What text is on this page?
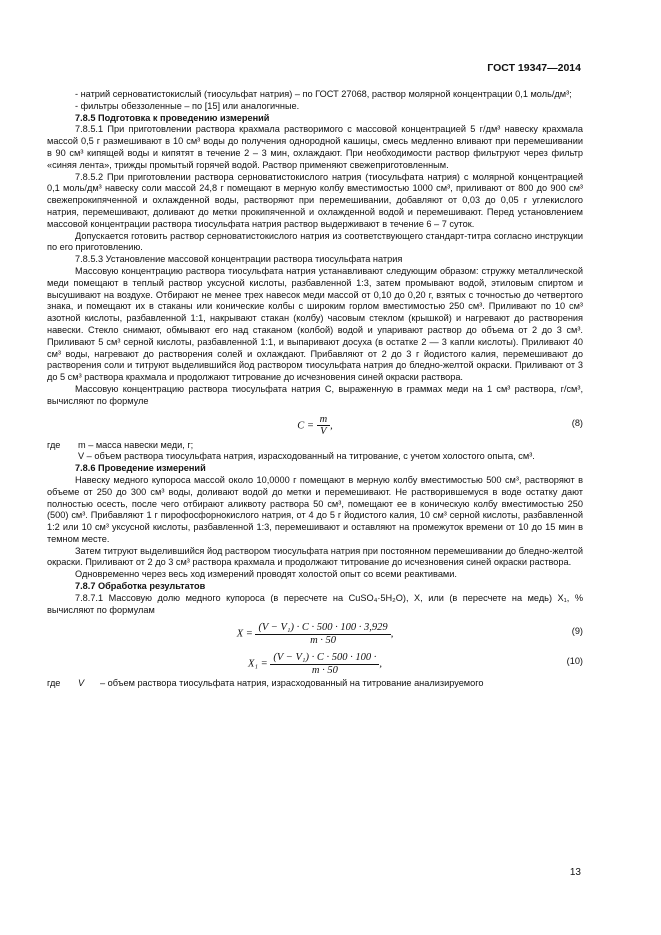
ГОСТ 19347—2014

- натрий серноватистокислый (тиосульфат натрия) – по ГОСТ 27068, раствор молярной концентрации 0,1 моль/дм³;

- фильтры обеззоленные – по [15] или аналогичные.

7.8.5 Подготовка к проведению измерений

7.8.5.1 При приготовлении раствора крахмала растворимого с массовой концентрацией 5 г/дм³ навеску крахмала массой 0,5 г размешивают в 10 см³ воды до получения однородной кашицы, смесь медленно вливают при перемешивании в 90 см³ кипящей воды и кипятят в течение 2 – 3 мин, охлаждают. При необходимости раствор фильтруют через фильтр «синяя лента», трижды промытый горячей водой. Раствор применяют свежеприготовленным.

7.8.5.2 При приготовлении раствора серноватистокислого натрия (тиосульфата натрия) с молярной концентрацией 0,1 моль/дм³ навеску соли массой 24,8 г помещают в мерную колбу вместимостью 1000 см³, приливают от 800 до 900 см³ свежепрокипяченной и охлажденной воды, растворяют при перемешивании, добавляют от 0,03 до 0,05 г углекислого натрия, перемешивают, доливают до метки прокипяченной и охлажденной водой и перемешивают. Перед установлением массовой концентрации раствора тиосульфата натрия раствор выдерживают в течение 6 – 7 суток.

Допускается готовить раствор серноватистокислого натрия из соответствующего стандарт-титра согласно инструкции по его приготовлению.

7.8.5.3 Установление массовой концентрации раствора тиосульфата натрия

Массовую концентрацию раствора тиосульфата натрия устанавливают следующим образом: стружку металлической меди помещают в теплый раствор уксусной кислоты, разбавленной 1:3, затем промывают водой, этиловым спиртом и высушивают на воздухе. Отбирают не менее трех навесок меди массой от 0,10 до 0,20 г, взятых с точностью до четвертого знака, и помещают их в стаканы или конические колбы с широким горлом вместимостью 250 см³. Приливают по 10 см³ азотной кислоты, разбавленной 1:1, накрывают стакан (колбу) часовым стеклом (крышкой) и нагревают до растворения навески. Стекло снимают, обмывают его над стаканом (колбой) водой и упаривают раствор до объема от 2 до 3 см³. Приливают 5 см³ серной кислоты, разбавленной 1:1, и выпаривают досуха (в остатке 2 — 3 капли кислоты). Приливают 40 см³ воды, нагревают до растворения солей и охлаждают. Прибавляют от 2 до 3 г йодистого калия, перемешивают до растворения соли и титруют выделившийся йод раствором тиосульфата натрия до бледно-желтой окраски. Приливают от 3 до 5 см³ раствора крахмала и продолжают титрование до исчезновения синей окраски раствора.

Массовую концентрацию раствора тиосульфата натрия C, выраженную в граммах меди на 1 см³ раствора, г/см³, вычисляют по формуле

$C = \frac{m}{V}$ ,	(8)
где	m – масса навески меди, г;
V – объем раствора тиосульфата натрия, израсходованный на титрование, с учетом холостого опыта, см³.

7.8.6 Проведение измерений

Навеску медного купороса массой около 10,0000 г помещают в мерную колбу вместимостью 500 см³, растворяют в объеме от 250 до 300 см³ воды, доливают водой до метки и перемешивают. Не растворившемуся в воде остатку дают полностью осесть, после чего отбирают аликвоту раствора 50 см³, помещают ее в коническую колбу вместимостью 250 (500) см³. Прибавляют 1 г пирофосфорнокислого натрия, от 4 до 5 г йодистого калия, 10 см³ серной кислоты, разбавленной 1:2 или 10 см³ уксусной кислоты, разбавленной 1:3, перемешивают и оставляют на промежуток времени от 10 до 15 мин в темном месте.

Затем титруют выделившийся йод раствором тиосульфата натрия при постоянном перемешивании до бледно-желтой окраски. Приливают от 2 до 3 см³ раствора крахмала и продолжают титрование до исчезновения синей окраски раствора.

Одновременно через весь ход измерений проводят холостой опыт со всеми реактивами.

7.8.7 Обработка результатов

7.8.7.1 Массовую долю медного купороса (в пересчете на CuSO₄·5H₂O), X, или (в пересчете на медь) X₁, % вычисляют по формулам

$X = \frac{\text{(V − V₁) · C · 500 · 100 · 3,929}}{m \cdot 50}$ ,	(9)
$X_1 = \frac{\text{(V − V₁) · C · 500 · 100 ·}}{m \cdot 50}$ ,	(10)
где	V	– объем раствора тиосульфата натрия, израсходованный на титрование анализируемого
13
